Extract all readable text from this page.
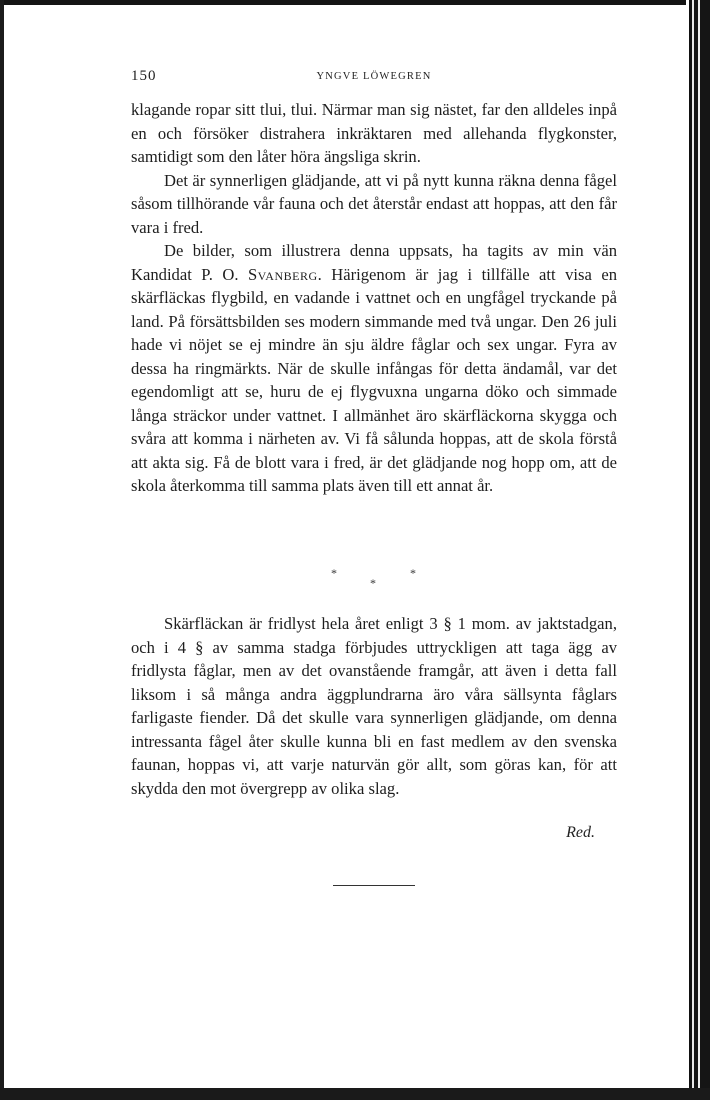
150	YNGVE LÖWEGREN

klagande ropar sitt tlui, tlui. Närmar man sig nästet, far den alldeles inpå en och försöker distrahera inkräktaren med allehanda flygkonster, samtidigt som den låter höra ängsliga skrin.

Det är synnerligen glädjande, att vi på nytt kunna räkna denna fågel såsom tillhörande vår fauna och det återstår endast att hoppas, att den får vara i fred.

De bilder, som illustrera denna uppsats, ha tagits av min vän Kandidat P. O. Svanberg. Härigenom är jag i tillfälle att visa en skärfläckas flygbild, en vadande i vattnet och en ungfågel tryckande på land. På försättsbilden ses modern simmande med två ungar. Den 26 juli hade vi nöjet se ej mindre än sju äldre fåglar och sex ungar. Fyra av dessa ha ringmärkts. När de skulle infångas för detta ändamål, var det egendomligt att se, huru de ej flygvuxna ungarna döko och simmade långa sträckor under vattnet. I allmänhet äro skärfläckorna skygga och svåra att komma i närheten av. Vi få sålunda hoppas, att de skola förstå att akta sig. Få de blott vara i fred, är det glädjande nog hopp om, att de skola återkomma till samma plats även till ett annat år.

*
*
*

Skärfläckan är fridlyst hela året enligt 3 § 1 mom. av jaktstadgan, och i 4 § av samma stadga förbjudes uttryckligen att taga ägg av fridlysta fåglar, men av det ovanstående framgår, att även i detta fall liksom i så många andra äggplundrarna äro våra sällsynta fåglars farligaste fiender. Då det skulle vara synnerligen glädjande, om denna intressanta fågel åter skulle kunna bli en fast medlem av den svenska faunan, hoppas vi, att varje naturvän gör allt, som göras kan, för att skydda den mot övergrepp av olika slag.

Red.
